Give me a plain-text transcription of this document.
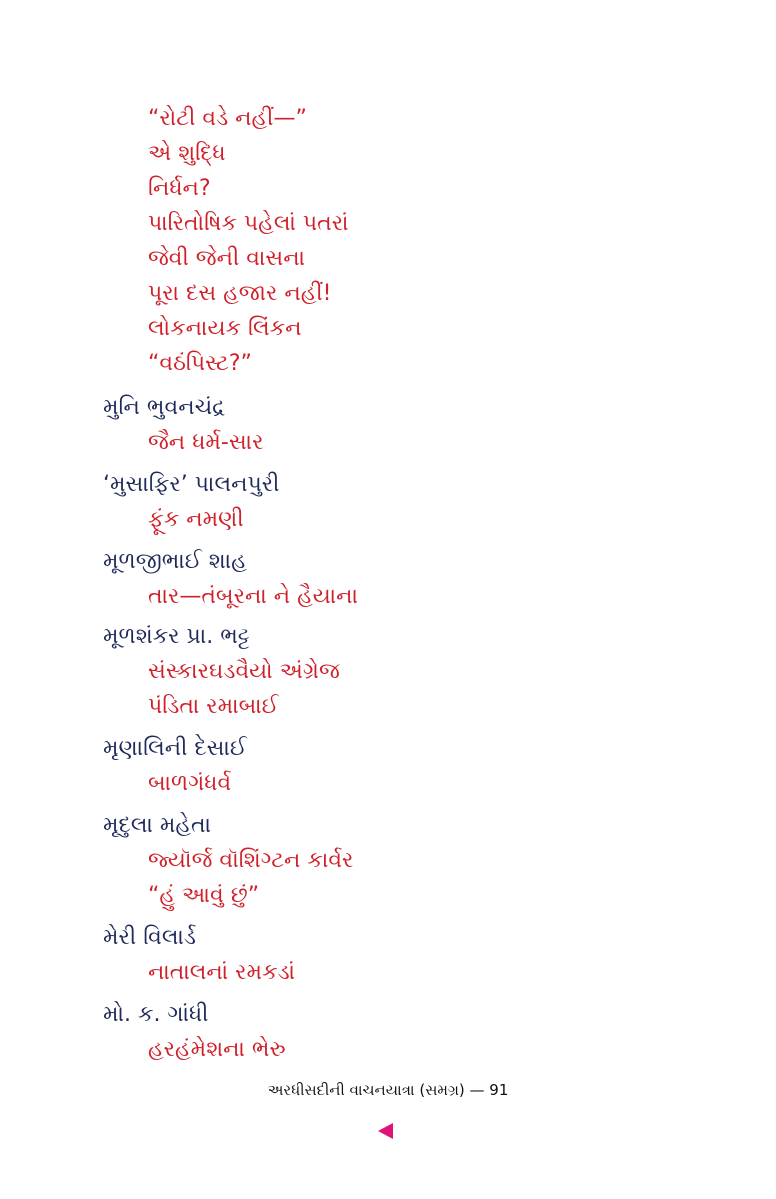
“રોટી વડે નહીં—”
એ શુદ્ધિ
નિર્ધન?
પારિતોષિક પહેલાં પતરાં
જેવી જેની વાસના
પૂરા દસ હજાર નહીં!
લોકનાયક લિંકન
“વઠંપિસ્ટ?”
મુનિ ભુવનચંદ્ર
જૈન ધર્મ-સાર
‘મુસાફિર’ પાલનપુરી
ફૂંક નમણી
મૂળજીભાઈ શાહ
તાર—તંબૂરના ને હૈયાના
મૂળશંકર પ્રા. ભટ્ટ
સંસ્કારઘડવૈયો અંગ્રેજ
પંડિતા રમાબાઈ
મૃણાલિની દેસાઈ
બાળગંધર્વ
મૃદુલા મહેતા
જ્યૉર્જ વૉશિંગ્ટન કાર્વર
“હું આવું છું”
મેરી વિલાર્ડ
નાતાલનાં રમકડાં
મો. ક. ગાંધી
હરહંમેશના ભેરુ
અરધીસદીની વાચનયાત્રા (સમગ્ર) — 91
